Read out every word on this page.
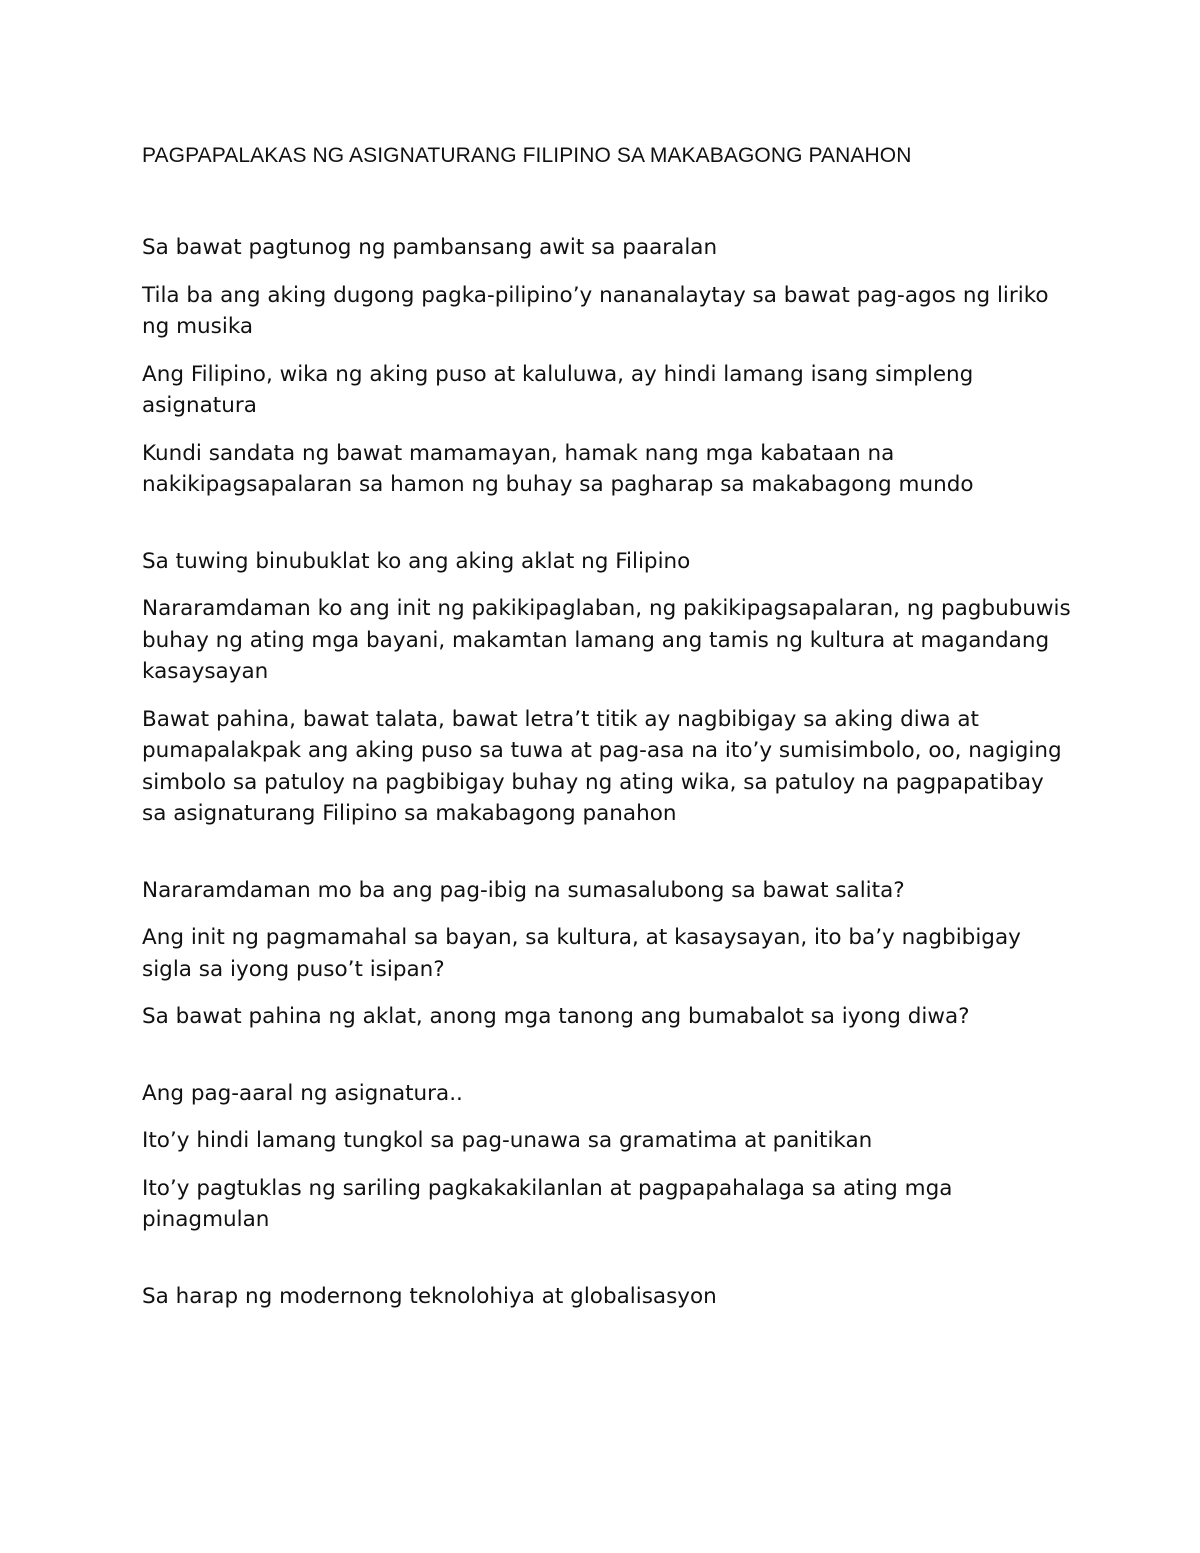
PAGPAPALAKAS NG ASIGNATURANG FILIPINO SA MAKABAGONG PANAHON

Sa bawat pagtunog ng pambansang awit sa paaralan

Tila ba ang aking dugong pagka-pilipino’y nananalaytay sa bawat pag-agos ng liriko ng musika

Ang Filipino, wika ng aking puso at kaluluwa, ay hindi lamang isang simpleng asignatura

Kundi sandata ng bawat mamamayan, hamak nang mga kabataan na nakikipagsapalaran sa hamon ng buhay sa pagharap sa makabagong mundo

Sa tuwing binubuklat ko ang aking aklat ng Filipino

Nararamdaman ko ang init ng pakikipaglaban, ng pakikipagsapalaran, ng pagbubuwis buhay ng ating mga bayani, makamtan lamang ang tamis ng kultura at magandang kasaysayan

Bawat pahina, bawat talata, bawat letra’t titik ay nagbibigay sa aking diwa at pumapalakpak ang aking puso sa tuwa at pag-asa na ito’y sumisimbolo, oo, nagiging simbolo sa patuloy na pagbibigay buhay ng ating wika, sa patuloy na pagpapatibay sa asignaturang Filipino sa makabagong panahon

Nararamdaman mo ba ang pag-ibig na sumasalubong sa bawat salita?

Ang init ng pagmamahal sa bayan, sa kultura, at kasaysayan, ito ba’y nagbibigay sigla sa iyong puso’t isipan?

Sa bawat pahina ng aklat, anong mga tanong ang bumabalot sa iyong diwa?

Ang pag-aaral ng asignatura..

Ito’y hindi lamang tungkol sa pag-unawa sa gramatima at panitikan

Ito’y pagtuklas ng sariling pagkakakilanlan at pagpapahalaga sa ating mga pinagmulan

Sa harap ng modernong teknolohiya at globalisasyon
